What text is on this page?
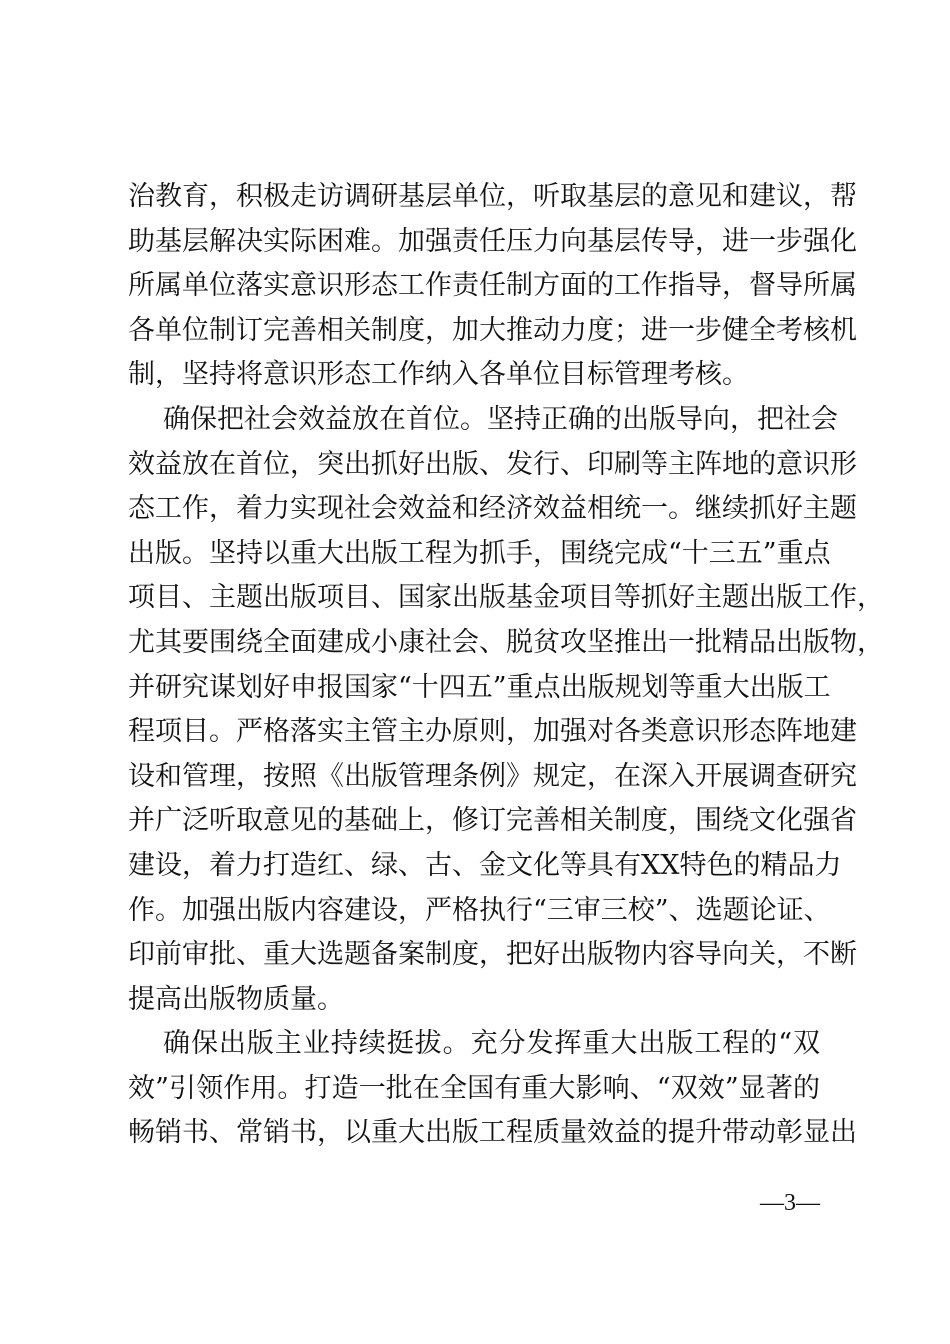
治教育，积极走访调研基层单位，听取基层的意见和建议，帮
助基层解决实际困难。加强责任压力向基层传导，进一步强化
所属单位落实意识形态工作责任制方面的工作指导，督导所属
各单位制订完善相关制度，加大推动力度；进一步健全考核机
制，坚持将意识形态工作纳入各单位目标管理考核。
确保把社会效益放在首位。坚持正确的出版导向，把社会
效益放在首位，突出抓好出版、发行、印刷等主阵地的意识形
态工作，着力实现社会效益和经济效益相统一。继续抓好主题
出版。坚持以重大出版工程为抓手，围绕完成“十三五”重点
项目、主题出版项目、国家出版基金项目等抓好主题出版工作，
尤其要围绕全面建成小康社会、脱贫攻坚推出一批精品出版物，
并研究谋划好申报国家“十四五”重点出版规划等重大出版工
程项目。严格落实主管主办原则，加强对各类意识形态阵地建
设和管理，按照《出版管理条例》规定，在深入开展调查研究
并广泛听取意见的基础上，修订完善相关制度，围绕文化强省
建设，着力打造红、绿、古、金文化等具有XX特色的精品力
作。加强出版内容建设，严格执行“三审三校”、选题论证、
印前审批、重大选题备案制度，把好出版物内容导向关，不断
提高出版物质量。
确保出版主业持续挺拔。充分发挥重大出版工程的“双
效”引领作用。打造一批在全国有重大影响、“双效”显著的
畅销书、常销书，以重大出版工程质量效益的提升带动彰显出
—3—
